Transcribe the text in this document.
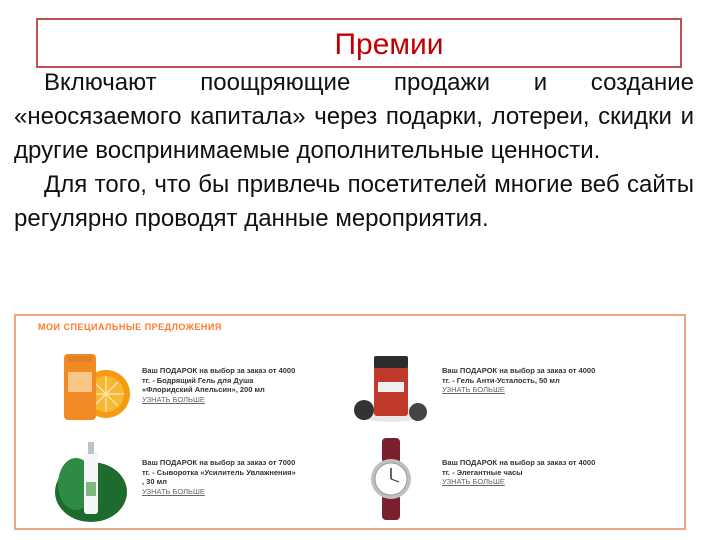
Премии

Включают поощряющие продажи и создание «неосязаемого капитала» через подарки, лотереи, скидки и другие воспринимаемые дополнительные ценности.

Для того, что бы привлечь посетителей многие веб сайты регулярно проводят данные мероприятия.

МОИ СПЕЦИАЛЬНЫЕ ПРЕДЛОЖЕНИЯ
Ваш ПОДАРОК на выбор за заказ от 4000
тг. - Бодрящий Гель для Душа
«Флоридский Апельсин», 200 мл
УЗНАТЬ БОЛЬШЕ
Ваш ПОДАРОК на выбор за заказ от 4000
тг. - Гель Анти-Усталость, 50 мл
УЗНАТЬ БОЛЬШЕ
Ваш ПОДАРОК на выбор за заказ от 7000
тг. - Сыворотка «Усилитель Увлажнения»
, 30 мл
УЗНАТЬ БОЛЬШЕ
Ваш ПОДАРОК на выбор за заказ от 4000
тг. - Элегантные часы
УЗНАТЬ БОЛЬШЕ
